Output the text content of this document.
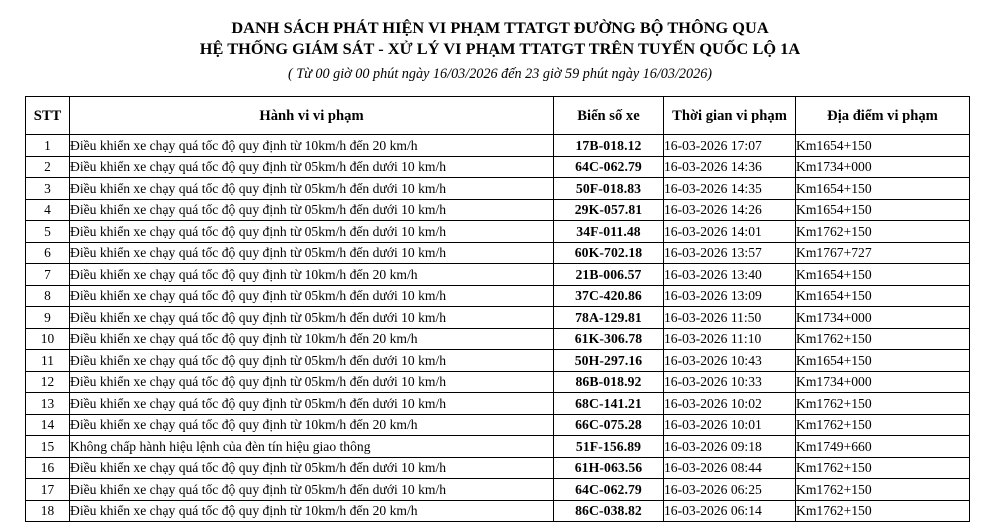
DANH SÁCH PHÁT HIỆN VI PHẠM TTATGT ĐƯỜNG BỘ THÔNG QUA
HỆ THỐNG GIÁM SÁT - XỬ LÝ VI PHẠM TTATGT TRÊN TUYẾN QUỐC LỘ 1A
( Từ 00 giờ 00 phút ngày 16/03/2026 đến 23 giờ 59 phút ngày 16/03/2026)
STT	Hành vi vi phạm	Biển số xe	Thời gian vi phạm	Địa điểm vi phạm
1	Điều khiển xe chạy quá tốc độ quy định từ 10km/h đến 20 km/h	17B-018.12	16-03-2026 17:07	Km1654+150
2	Điều khiển xe chạy quá tốc độ quy định từ 05km/h đến dưới 10 km/h	64C-062.79	16-03-2026 14:36	Km1734+000
3	Điều khiển xe chạy quá tốc độ quy định từ 05km/h đến dưới 10 km/h	50F-018.83	16-03-2026 14:35	Km1654+150
4	Điều khiển xe chạy quá tốc độ quy định từ 05km/h đến dưới 10 km/h	29K-057.81	16-03-2026 14:26	Km1654+150
5	Điều khiển xe chạy quá tốc độ quy định từ 05km/h đến dưới 10 km/h	34F-011.48	16-03-2026 14:01	Km1762+150
6	Điều khiển xe chạy quá tốc độ quy định từ 05km/h đến dưới 10 km/h	60K-702.18	16-03-2026 13:57	Km1767+727
7	Điều khiển xe chạy quá tốc độ quy định từ 10km/h đến 20 km/h	21B-006.57	16-03-2026 13:40	Km1654+150
8	Điều khiển xe chạy quá tốc độ quy định từ 05km/h đến dưới 10 km/h	37C-420.86	16-03-2026 13:09	Km1654+150
9	Điều khiển xe chạy quá tốc độ quy định từ 05km/h đến dưới 10 km/h	78A-129.81	16-03-2026 11:50	Km1734+000
10	Điều khiển xe chạy quá tốc độ quy định từ 10km/h đến 20 km/h	61K-306.78	16-03-2026 11:10	Km1762+150
11	Điều khiển xe chạy quá tốc độ quy định từ 05km/h đến dưới 10 km/h	50H-297.16	16-03-2026 10:43	Km1654+150
12	Điều khiển xe chạy quá tốc độ quy định từ 05km/h đến dưới 10 km/h	86B-018.92	16-03-2026 10:33	Km1734+000
13	Điều khiển xe chạy quá tốc độ quy định từ 05km/h đến dưới 10 km/h	68C-141.21	16-03-2026 10:02	Km1762+150
14	Điều khiển xe chạy quá tốc độ quy định từ 10km/h đến 20 km/h	66C-075.28	16-03-2026 10:01	Km1762+150
15	Không chấp hành hiệu lệnh của đèn tín hiệu giao thông	51F-156.89	16-03-2026 09:18	Km1749+660
16	Điều khiển xe chạy quá tốc độ quy định từ 05km/h đến dưới 10 km/h	61H-063.56	16-03-2026 08:44	Km1762+150
17	Điều khiển xe chạy quá tốc độ quy định từ 05km/h đến dưới 10 km/h	64C-062.79	16-03-2026 06:25	Km1762+150
18	Điều khiển xe chạy quá tốc độ quy định từ 10km/h đến 20 km/h	86C-038.82	16-03-2026 06:14	Km1762+150
